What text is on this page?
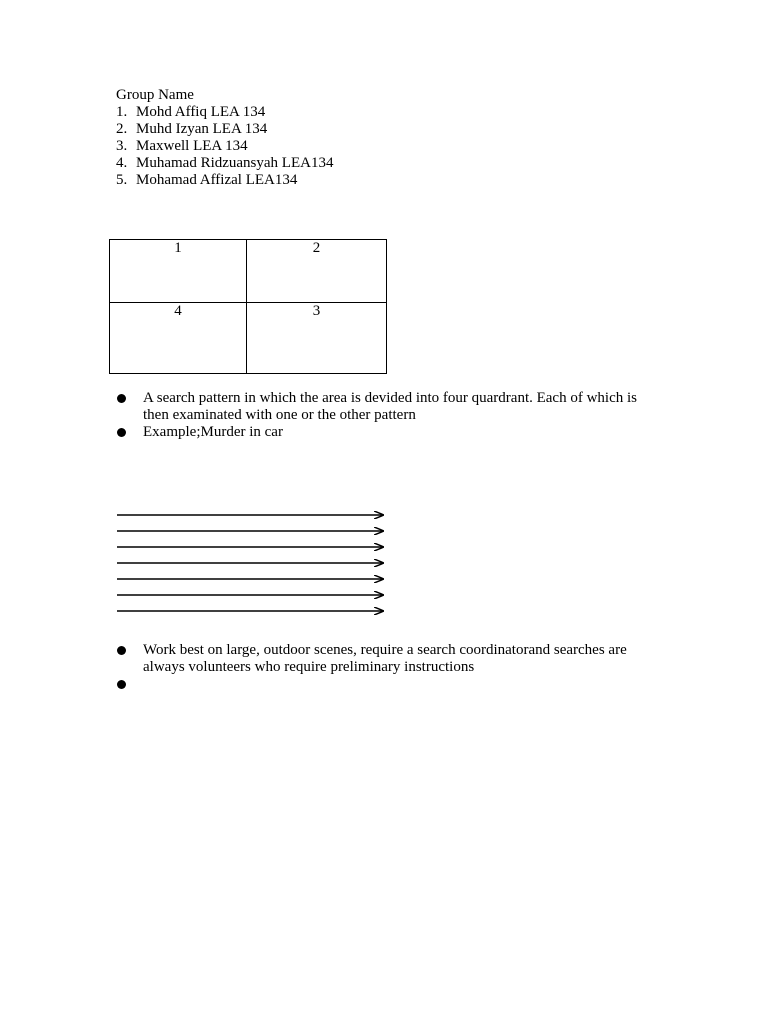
Group Name
1. Mohd Affiq LEA 134
2. Muhd Izyan LEA 134
3. Maxwell LEA 134
4. Muhamad Ridzuansyah LEA134
5. Mohamad Affizal LEA134
1	2
4	3
A search pattern in which the area is devided into four quardrant. Each of which is then examinated with one or the other pattern
Example;Murder in car
Work best on large, outdoor scenes, require a search coordinatorand searches are always volunteers who require preliminary instructions
